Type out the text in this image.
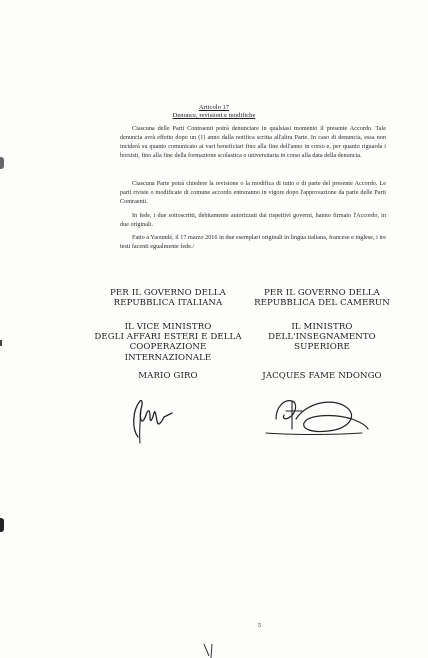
Articolo 17
Denunce, revisioni e modifiche
Ciascuna delle Parti Contraenti potrà denunciare in qualsiasi momento il presente Accordo. Tale denuncia avrà effetto dopo un (1) anno dalla notifica scritta all'altra Parte. In caso di denuncia, essa non inciderà su quanto comunicato ai vari beneficiari fino alla fine dell'anno in corso e, per quanto riguarda i borsisti, fino alla fine della formazione scolastica o universitaria in corso alla data della denuncia.
Ciascuna Parte potrà chiedere la revisione o la modifica di tutto o di parte del presente Accordo. Le parti riviste o modificate di comune accordo entreranno in vigore dopo l'approvazione da parte delle Parti Contraenti.
In fede, i due sottoscritti, debitamente autorizzati dai rispettivi governi, hanno firmato l'Accordo, in due originali.
Fatto a Yaoundé, il 17 marzo 2016 in due esemplari originali in lingua italiana, francese e inglese, i tre testi facenti egualmente fede./
PER IL GOVERNO DELLA
REPUBBLICA ITALIANA
IL VICE MINISTRO
DEGLI AFFARI ESTERI E DELLA
COOPERAZIONE
INTERNAZIONALE
MARIO GIRO
PER IL GOVERNO DELLA
REPUBBLICA DEL CAMERUN
IL MINISTRO
DELL'INSEGNAMENTO
SUPERIORE
JACQUES FAME NDONGO
5
